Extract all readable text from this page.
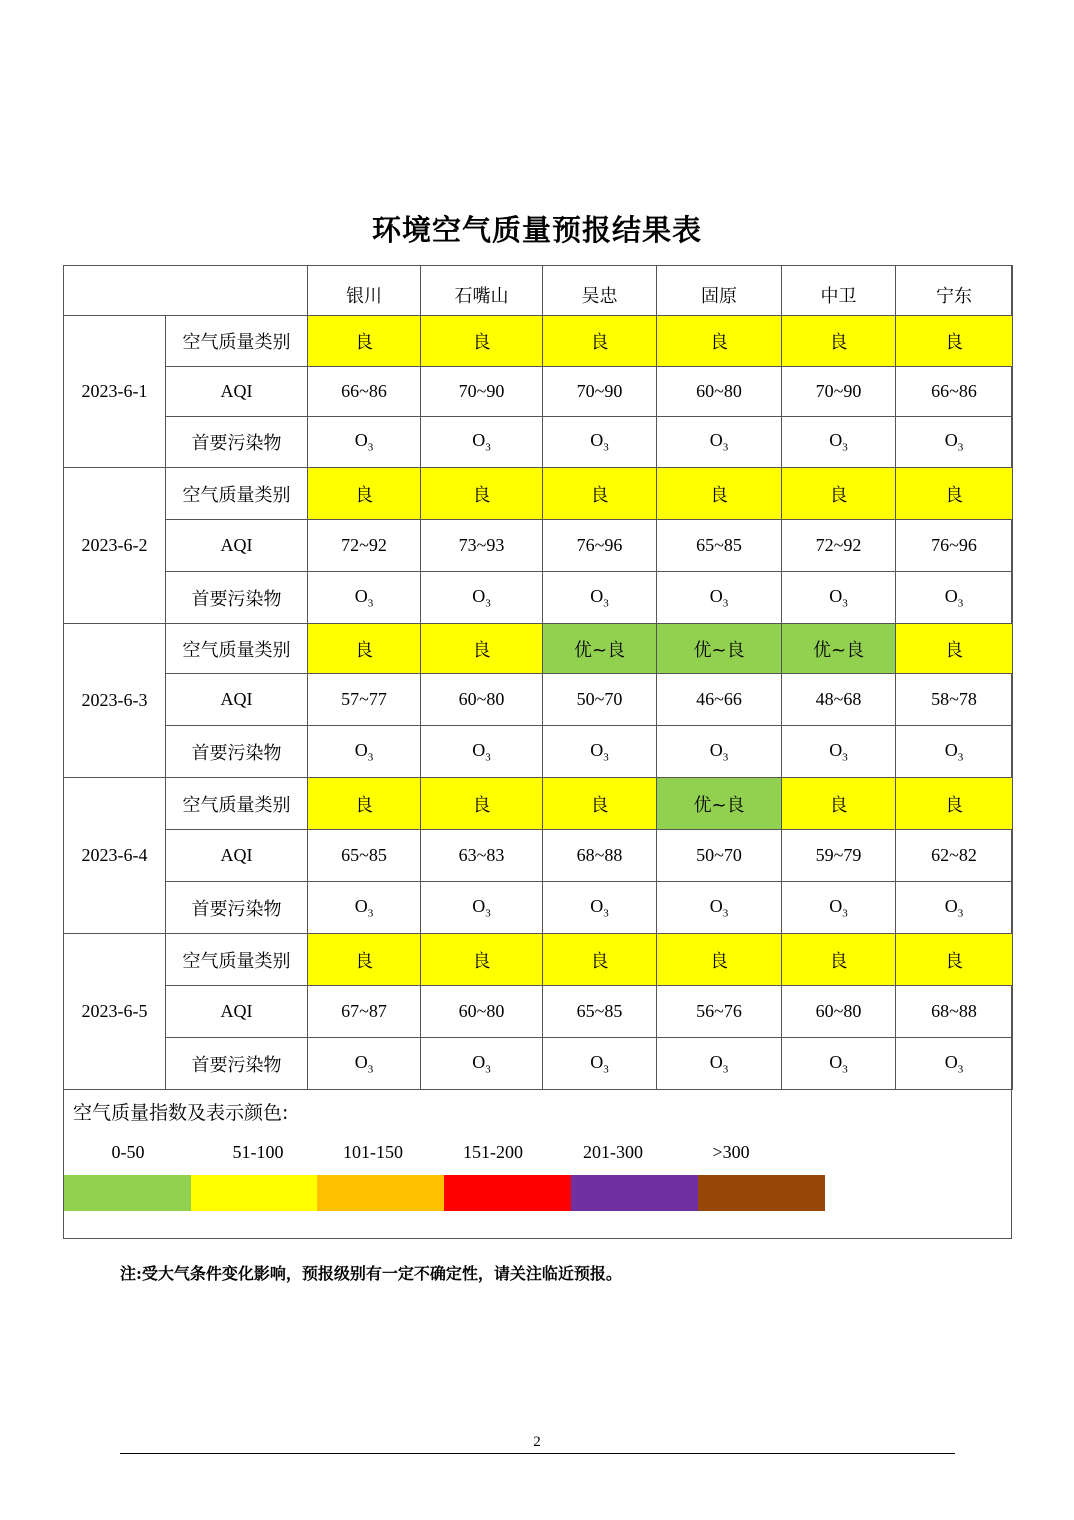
环境空气质量预报结果表
		银川	石嘴山	吴忠	固原	中卫	宁东
2023-6-1	空气质量类别	良	良	良	良	良	良
	AQI	66~86	70~90	70~90	60~80	70~90	66~86
	首要污染物	$O_3$	$O_3$	$O_3$	$O_3$	$O_3$	$O_3$
2023-6-2	空气质量类别	良	良	良	良	良	良
	AQI	72~92	73~93	76~96	65~85	72~92	76~96
	首要污染物	$O_3$	$O_3$	$O_3$	$O_3$	$O_3$	$O_3$
2023-6-3	空气质量类别	良	良	优~良	优~良	优~良	良
	AQI	57~77	60~80	50~70	46~66	48~68	58~78
	首要污染物	$O_3$	$O_3$	$O_3$	$O_3$	$O_3$	$O_3$
2023-6-4	空气质量类别	良	良	良	优~良	良	良
	AQI	65~85	63~83	68~88	50~70	59~79	62~82
	首要污染物	$O_3$	$O_3$	$O_3$	$O_3$	$O_3$	$O_3$
2023-6-5	空气质量类别	良	良	良	良	良	良
	AQI	67~87	60~80	65~85	56~76	60~80	68~88
	首要污染物	$O_3$	$O_3$	$O_3$	$O_3$	$O_3$	$O_3$
空气质量指数及表示颜色:
0-50	51-100	101-150	151-200	201-300	>300
注:受大气条件变化影响，预报级别有一定不确定性，请关注临近预报。
2
